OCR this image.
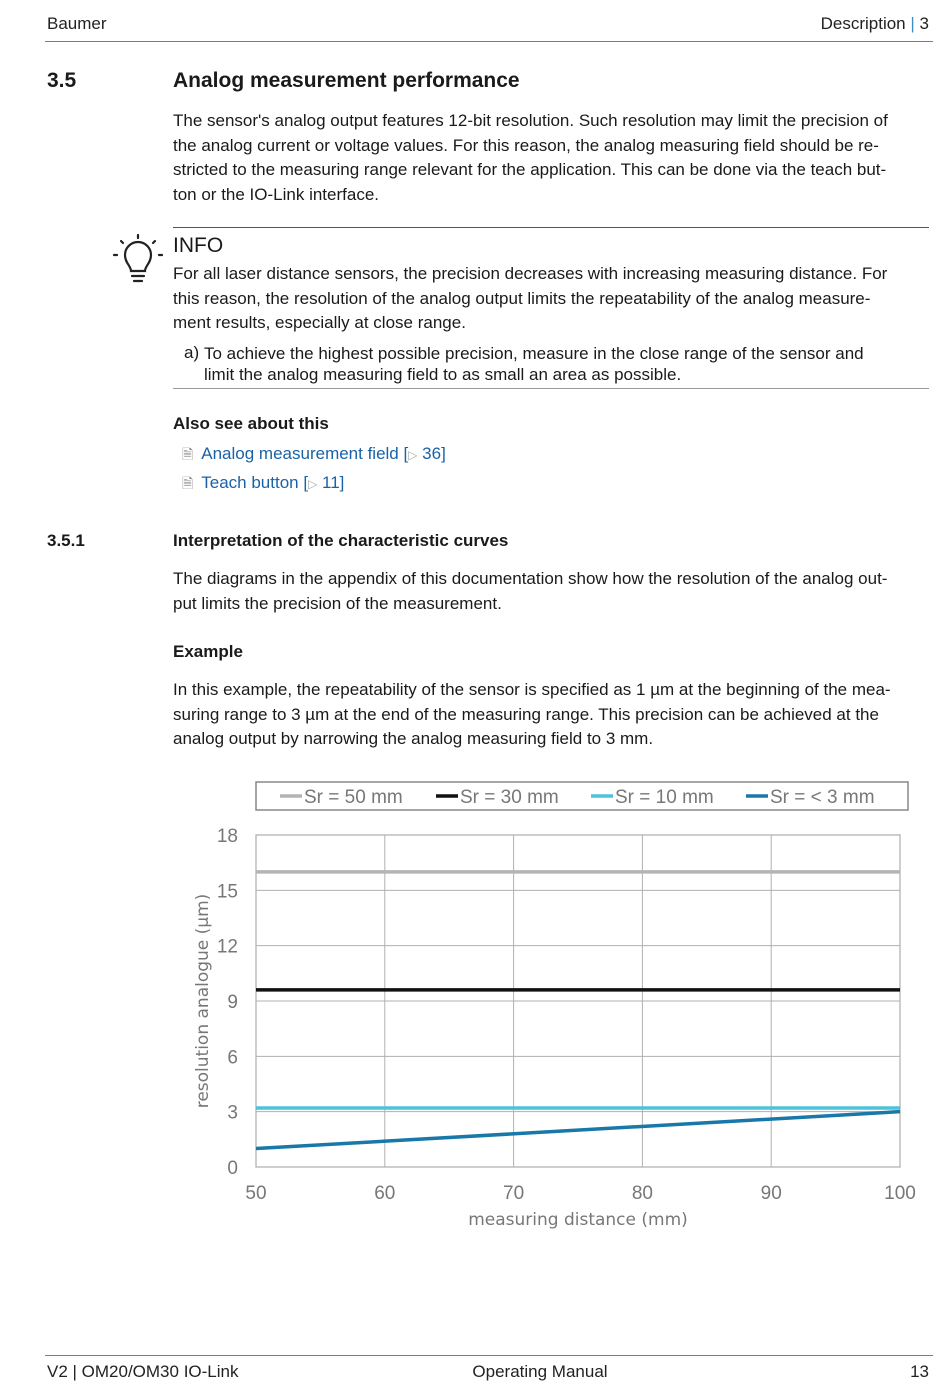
Baumer	Description | 3
3.5	Analog measurement performance
The sensor's analog output features 12-bit resolution. Such resolution may limit the precision of
the analog current or voltage values. For this reason, the analog measuring field should be re-
stricted to the measuring range relevant for the application. This can be done via the teach but-
ton or the IO-Link interface.
INFO
For all laser distance sensors, the precision decreases with increasing measuring distance. For
this reason, the resolution of the analog output limits the repeatability of the analog measure-
ment results, especially at close range.
a) To achieve the highest possible precision, measure in the close range of the sensor and
limit the analog measuring field to as small an area as possible.
Also see about this
🗎 Analog measurement field [▷ 36]
🗎 Teach button [▷ 11]
3.5.1	Interpretation of the characteristic curves
The diagrams in the appendix of this documentation show how the resolution of the analog out-
put limits the precision of the measurement.
Example
In this example, the repeatability of the sensor is specified as 1 µm at the beginning of the mea-
suring range to 3 µm at the end of the measuring range. This precision can be achieved at the
analog output by narrowing the analog measuring field to 3 mm.
50	60	70	80	90	100
0
3
6
9
12
15
18
measuring distance (mm)
resolution analogue (µm)
Sr = 50 mm	Sr = 30 mm	Sr = 10 mm	Sr = < 3 mm
V2 | OM20/OM30 IO-Link	Operating Manual	13
